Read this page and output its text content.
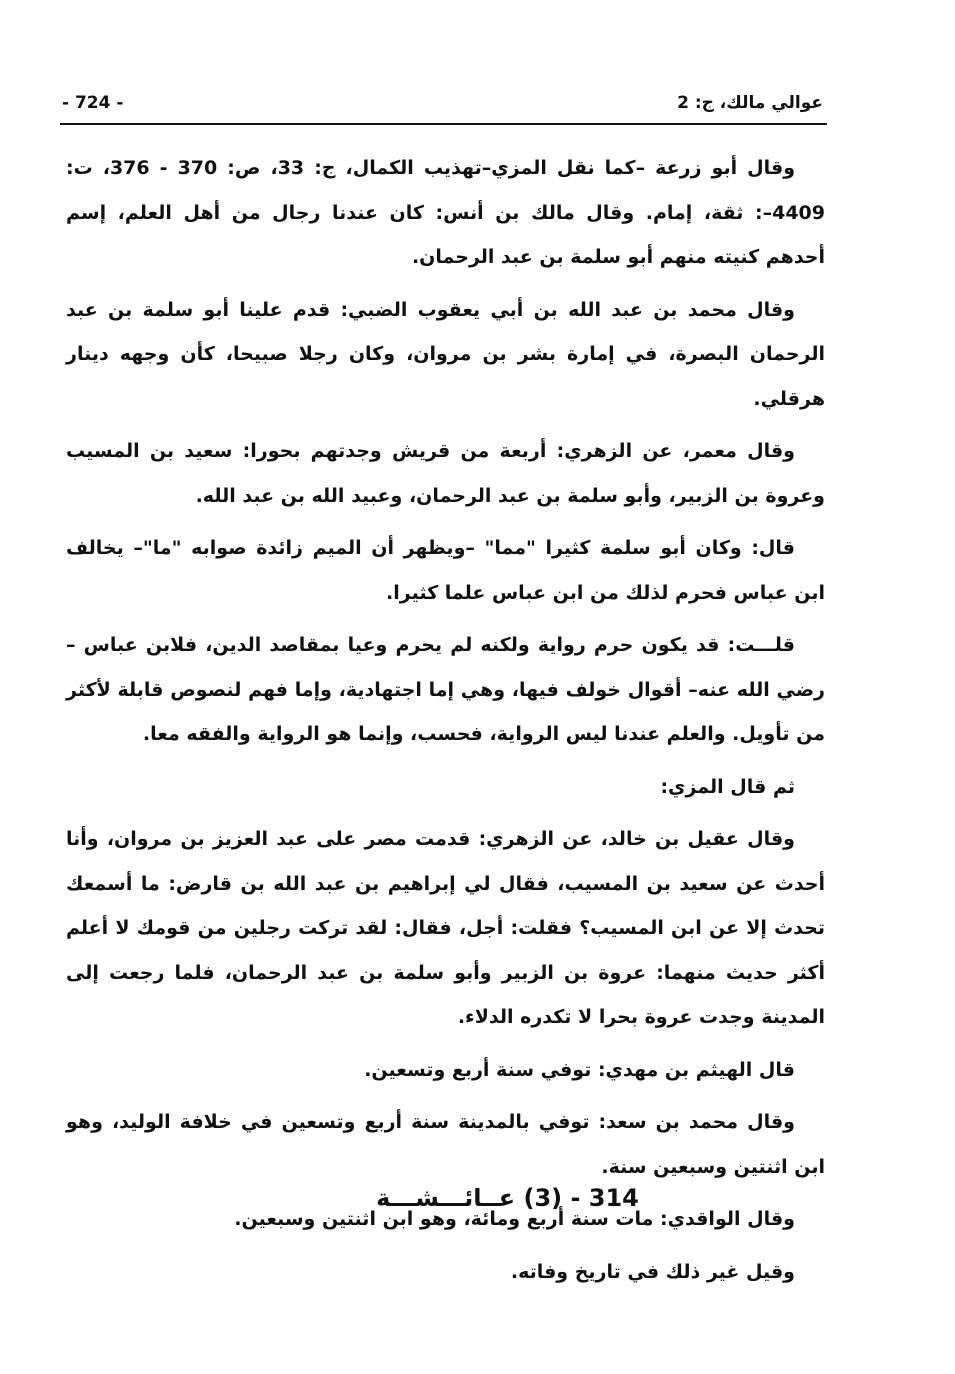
- 724 -	عوالي مالك، ج: 2

وقال أبو زرعة –كما نقل المزي–تهذيب الكمال، ج: 33، ص: 370 - 376، ت: 4409–: ثقة، إمام. وقال مالك بن أنس: كان عندنا رجال من أهل العلم، إسم أحدهم كنيته منهم أبو سلمة بن عبد الرحمان.

وقال محمد بن عبد الله بن أبي يعقوب الضبي: قدم علينا أبو سلمة بن عبد الرحمان البصرة، في إمارة بشر بن مروان، وكان رجلا صبيحا، كأن وجهه دينار هرقلي.

وقال معمر، عن الزهري: أربعة من قريش وجدتهم بحورا: سعيد بن المسيب وعروة بن الزبير، وأبو سلمة بن عبد الرحمان، وعبيد الله بن عبد الله.

قال: وكان أبو سلمة كثيرا "مما" –ويظهر أن الميم زائدة صوابه "ما"– يخالف ابن عباس فحرم لذلك من ابن عباس علما كثيرا.

قلـــت: قد يكون حرم رواية ولكنه لم يحرم وعيا بمقاصد الدين، فلابن عباس –رضي الله عنه– أقوال خولف فيها، وهي إما اجتهادية، وإما فهم لنصوص قابلة لأكثر من تأويل. والعلم عندنا ليس الرواية، فحسب، وإنما هو الرواية والفقه معا.

ثم قال المزي:

وقال عقيل بن خالد، عن الزهري: قدمت مصر على عبد العزيز بن مروان، وأنا أحدث عن سعيد بن المسيب، فقال لي إبراهيم بن عبد الله بن قارض: ما أسمعك تحدث إلا عن ابن المسيب؟ فقلت: أجل، فقال: لقد تركت رجلين من قومك لا أعلم أكثر حديث منهما: عروة بن الزبير وأبو سلمة بن عبد الرحمان، فلما رجعت إلى المدينة وجدت عروة بحرا لا تكدره الدلاء.

قال الهيثم بن مهدي: توفي سنة أربع وتسعين.

وقال محمد بن سعد: توفي بالمدينة سنة أربع وتسعين في خلافة الوليد، وهو ابن اثنتين وسبعين سنة.

وقال الواقدي: مات سنة أربع ومائة، وهو ابن اثنتين وسبعين.

وقيل غير ذلك في تاريخ وفاته.

314 - (3) عــائـــشـــة
